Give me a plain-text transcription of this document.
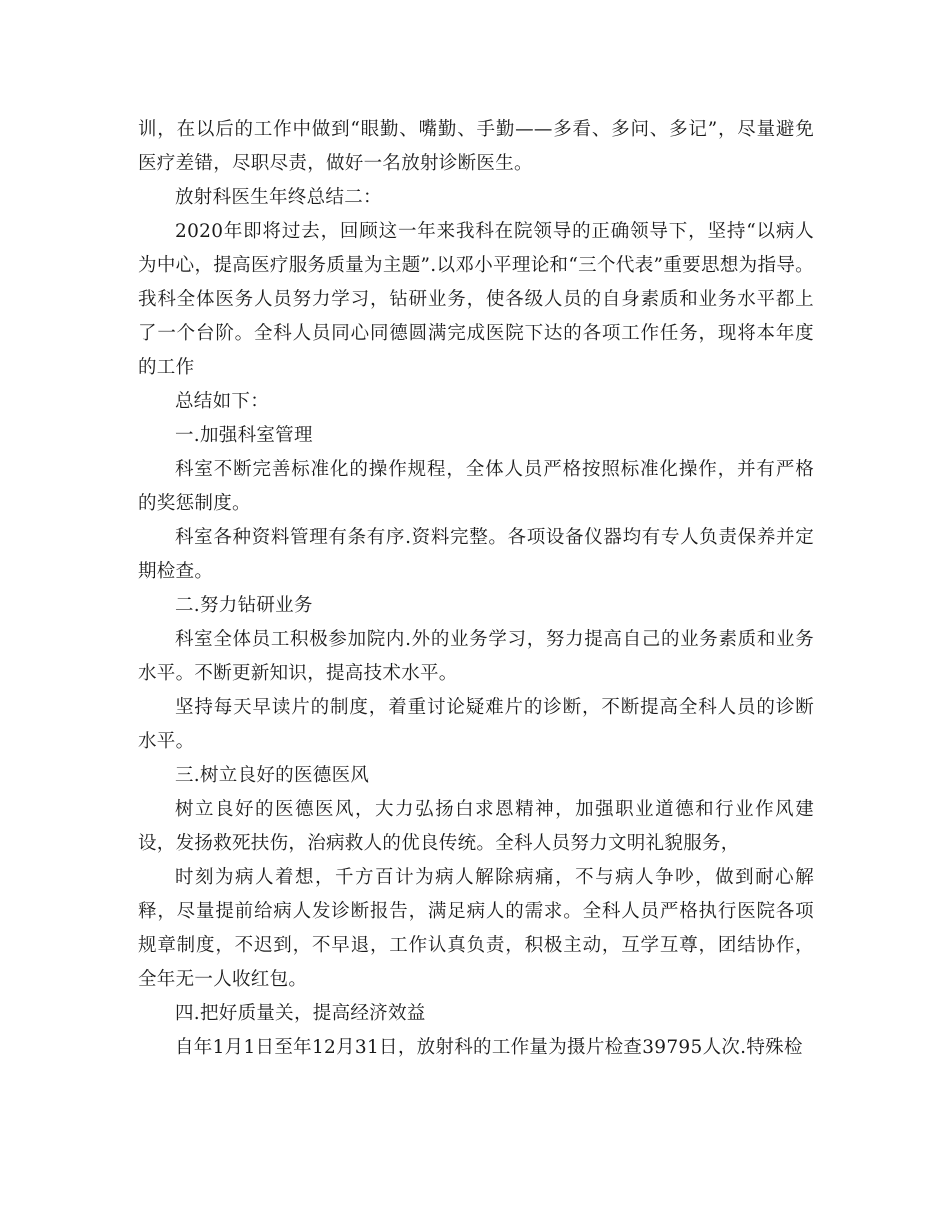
训，在以后的工作中做到“眼勤、嘴勤、手勤——多看、多问、多记”，尽量避免医疗差错，尽职尽责，做好一名放射诊断医生。

放射科医生年终总结二：

2020年即将过去，回顾这一年来我科在院领导的正确领导下，坚持“以病人为中心，提高医疗服务质量为主题”.以邓小平理论和“三个代表”重要思想为指导。我科全体医务人员努力学习，钻研业务，使各级人员的自身素质和业务水平都上了一个台阶。全科人员同心同德圆满完成医院下达的各项工作任务，现将本年度的工作

总结如下：

一.加强科室管理

科室不断完善标准化的操作规程，全体人员严格按照标准化操作，并有严格的奖惩制度。

科室各种资料管理有条有序.资料完整。各项设备仪器均有专人负责保养并定期检查。

二.努力钻研业务

科室全体员工积极参加院内.外的业务学习，努力提高自己的业务素质和业务水平。不断更新知识，提高技术水平。

坚持每天早读片的制度，着重讨论疑难片的诊断，不断提高全科人员的诊断水平。

三.树立良好的医德医风

树立良好的医德医风，大力弘扬白求恩精神，加强职业道德和行业作风建设，发扬救死扶伤，治病救人的优良传统。全科人员努力文明礼貌服务，

时刻为病人着想，千方百计为病人解除病痛，不与病人争吵，做到耐心解释，尽量提前给病人发诊断报告，满足病人的需求。全科人员严格执行医院各项规章制度，不迟到，不早退，工作认真负责，积极主动，互学互尊，团结协作，全年无一人收红包。

四.把好质量关，提高经济效益

自年1月1日至年12月31日，放射科的工作量为摄片检查39795人次.特殊检
